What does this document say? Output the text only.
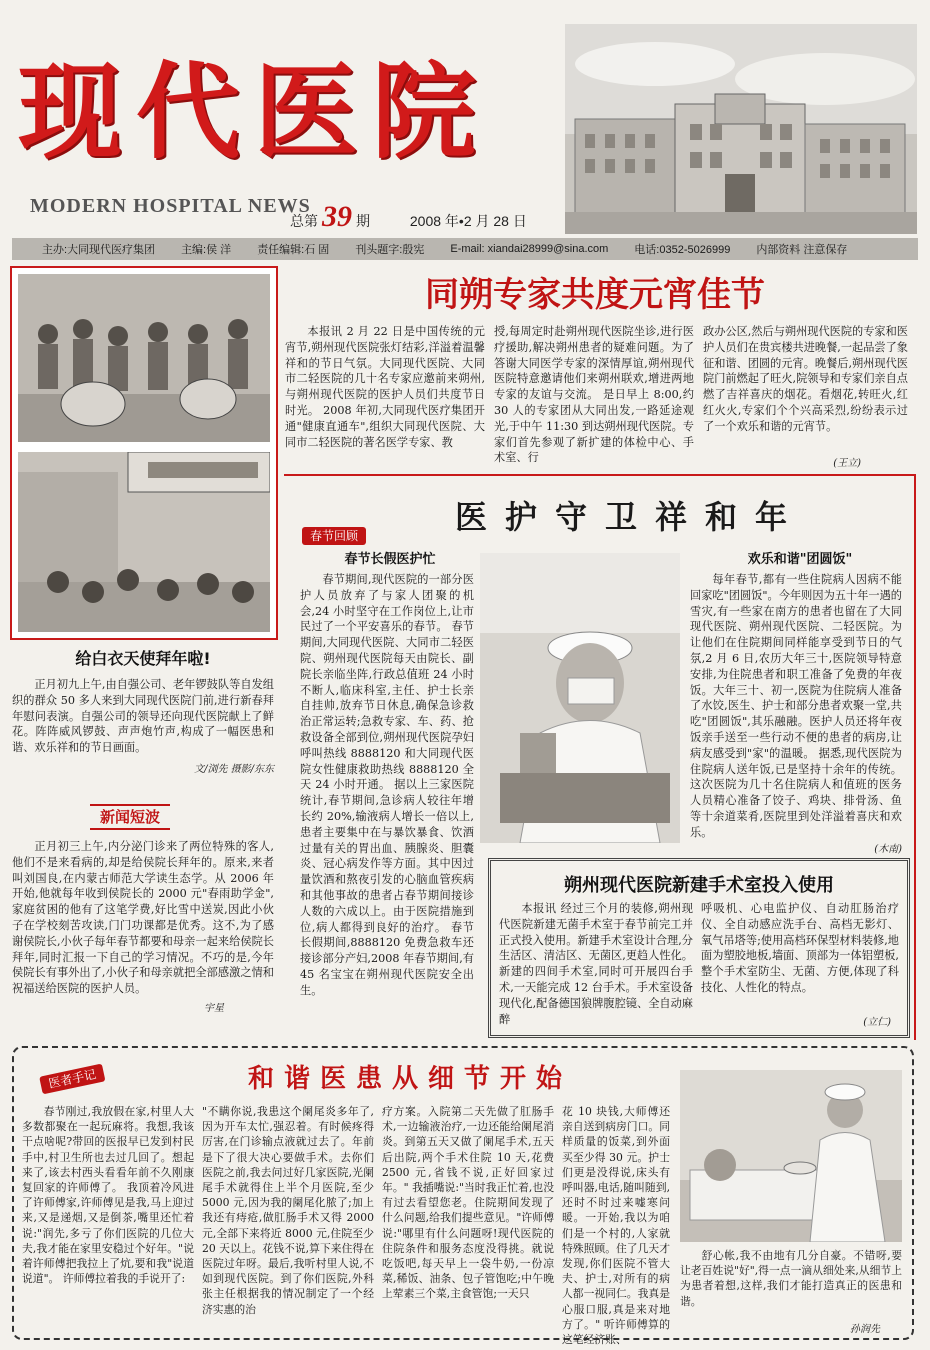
现代医院
MODERN HOSPITAL NEWS
总第 39 期	2008 年•2 月 28 日
主办:大同现代医疗集团 主编:侯 洋 责任编辑:石 固 刊头题字:殷宪 E-mail: xiandai28999@sina.com 电话:0352-5026999 内部资料 注意保存
给白衣天使拜年啦!
正月初九上午,由自强公司、老年锣鼓队等自发组织的群众 50 多人来到大同现代医院门前,进行新春拜年慰问表演。自强公司的领导还向现代医院献上了鲜花。阵阵威风锣鼓、声声炮竹声,构成了一幅医患和谐、欢乐祥和的节日画面。
文/浏先 摄影/东东
新闻短波
正月初三上午,内分泌门诊来了两位特殊的客人,他们不是来看病的,却是给侯院长拜年的。原来,来者叫刘国良,在内蒙古师范大学读生态学。从 2006 年开始,他就每年收到侯院长的 2000 元"春雨助学金",家庭贫困的他有了这笔学费,好比雪中送炭,因此小伙子在学校刻苦攻读,门门功课都是优秀。这不,为了感谢侯院长,小伙子每年春节都要和母亲一起来给侯院长拜年,同时汇报一下自己的学习情况。不巧的是,今年侯院长有事外出了,小伙子和母亲就把全部感激之情和祝福送给医院的医护人员。
宇星
同朔专家共度元宵佳节
本报讯 2 月 22 日是中国传统的元宵节,朔州现代医院张灯结彩,洋溢着温馨祥和的节日气氛。大同现代医院、大同市二轻医院的几十名专家应邀前来朔州,与朔州现代医院的医护人员们共度节日时光。 2008 年初,大同现代医疗集团开通"健康直通车",组织大同现代医院、大同市二轻医院的著名医学专家、教
授,每周定时赴朔州现代医院坐诊,进行医疗援助,解决朔州患者的疑难问题。为了答谢大同医学专家的深情厚谊,朔州现代医院特意邀请他们来朔州联欢,增进两地专家的友谊与交流。 是日早上 8:00,约 30 人的专家团从大同出发,一路延途观光,于中午 11:30 到达朔州现代医院。专家们首先参观了新扩建的体检中心、手术室、行
政办公区,然后与朔州现代医院的专家和医护人员们在贵宾楼共进晚餐,一起品尝了象征和谐、团圆的元宵。晚餐后,朔州现代医院门前燃起了旺火,院领导和专家们亲自点燃了吉祥喜庆的烟花。看烟花,转旺火,红红火火,专家们个个兴高采烈,纷纷表示过了一个欢乐和谐的元宵节。
(王立)
春节回顾	医护守卫祥和年
春节长假医护忙	欢乐和谐"团圆饭"
春节期间,现代医院的一部分医护人员放弃了与家人团聚的机会,24 小时坚守在工作岗位上,让市民过了一个平安喜乐的春节。 春节期间,大同现代医院、大同市二轻医院、朔州现代医院每天由院长、副院长亲临坐阵,行政总值班 24 小时不断人,临床科室,主任、护士长亲自挂帅,放弃节日休息,确保急诊救治正常运转;急救专家、车、药、抢救设备全部到位,朔州现代医院孕妇呼叫热线 8888120 和大同现代医院女性健康救助热线 8888120 全天 24 小时开通。 据以上三家医院统计,春节期间,急诊病人较往年增长约 20%,输液病人增长一倍以上,患者主要集中在与暴饮暴食、饮酒过量有关的胃出血、胰腺炎、胆囊炎、冠心病发作等方面。其中因过量饮酒和熬夜引发的心脑血管疾病和其他事故的患者占春节期间接诊人数的六成以上。由于医院措施到位,病人都得到良好的治疗。 春节长假期间,8888120 免费急救车还接诊部分产妇,2008 年春节期间,有 45 名宝宝在朔州现代医院安全出生。
每年春节,都有一些住院病人因病不能回家吃"团圆饭"。今年则因为五十年一遇的雪灾,有一些家在南方的患者也留在了大同现代医院、朔州现代医院、二轻医院。为让他们在住院期间同样能享受到节日的气氛,2 月 6 日,农历大年三十,医院领导特意安排,为住院患者和职工准备了免费的年夜饭。大年三十、初一,医院为住院病人准备了水饺,医生、护士和部分患者欢聚一堂,共吃"团圆饭",其乐融融。医护人员还将年夜饭亲手送至一些行动不便的患者的病房,让病友感受到"家"的温暖。 据悉,现代医院为住院病人送年饭,已是坚持十余年的传统。这次医院为几十名住院病人和值班的医务人员精心准备了饺子、鸡块、排骨汤、鱼等十余道菜肴,医院里到处洋溢着喜庆和欢乐。
(木南)
朔州现代医院新建手术室投入使用
本报讯 经过三个月的装修,朔州现代医院新建无菌手术室于春节前完工并正式投入使用。新建手术室设计合理,分生活区、清洁区、无菌区,更趋人性化。新建的四间手术室,同时可开展四台手术,一天能完成 12 台手术。手术室设备现代化,配备德国狼牌腹腔镜、全自动麻醉
呼吸机、心电监护仪、自动肛肠治疗仪、全自动感应洗手台、高档无影灯、氧气吊塔等;使用高档环保型材料装修,地面为塑胶地板,墙面、顶部为一体铝塑板,整个手术室防尘、无菌、方便,体现了科技化、人性化的特点。
(立仁)
医者手记	和谐医患从细节开始
春节刚过,我放假在家,村里人大多数都聚在一起玩麻将。我想,我该干点啥呢?带回的医报早已发到村民手中,村卫生所也去过几回了。想起来了,该去村西头看看年前不久刚康复回家的许师傅了。 我顶着冷风进了许师傅家,许师傅见是我,马上迎过来,又是递烟,又是倒茶,嘴里还忙着说:"润先,多亏了你们医院的几位大夫,我才能在家里安稳过个好年。"说着许师傅把我拉上了炕,要和我"说道说道"。 许师傅拉着我的手说开了:
"不瞒你说,我患这个阑尾炎多年了,因为开车太忙,强忍着。有时候疼得厉害,在门诊输点液就过去了。年前是下了很大决心要做手术。去你们医院之前,我去问过好几家医院,光阑尾手术就得住上半个月医院,至少 5000 元,因为我的阑尾化脓了;加上我还有痔疮,做肛肠手术又得 2000 元,全部下来将近 8000 元,住院至少 20 天以上。花钱不说,算下来住得在医院过年呀。最后,我听村里人说,不如到现代医院。到了你们医院,外科张主任根据我的情况制定了一个经济实惠的治
疗方案。入院第二天先做了肛肠手术,一边输液治疗,一边还能给阑尾消炎。到第五天又做了阑尾手术,五天后出院,两个手术住院 10 天,花费 2500 元,省钱不说,正好回家过年。" 我插嘴说:"当时我正忙着,也没有过去看望您老。住院期间发现了什么问题,给我们提些意见。"许师傅说:"哪里有什么问题呀!现代医院的住院条件和服务态度没得挑。就说吃饭吧,每天早上一袋牛奶,一份凉菜,稀饭、油条、包子管饱吃;中午晚上荤素三个菜,主食管饱;一天只
花 10 块钱,大师傅还亲自送到病房门口。同样质量的饭菜,到外面买至少得 30 元。护士们更是没得说,床头有呼叫器,电话,随叫随到,还时不时过来嘘寒问暖。一开始,我以为咱们是一个村的,人家就特殊照顾。住了几天才发现,你们医院不管大夫、护士,对所有的病人都一视同仁。我真是心服口服,真是来对地方了。" 听许师傅算的这笔经济账、
舒心帐,我不由地有几分自豪。不错呀,要让老百姓说"好",得一点一滴从细处来,从细节上为患者着想,这样,我们才能打造真正的医患和谐。
孙润先
